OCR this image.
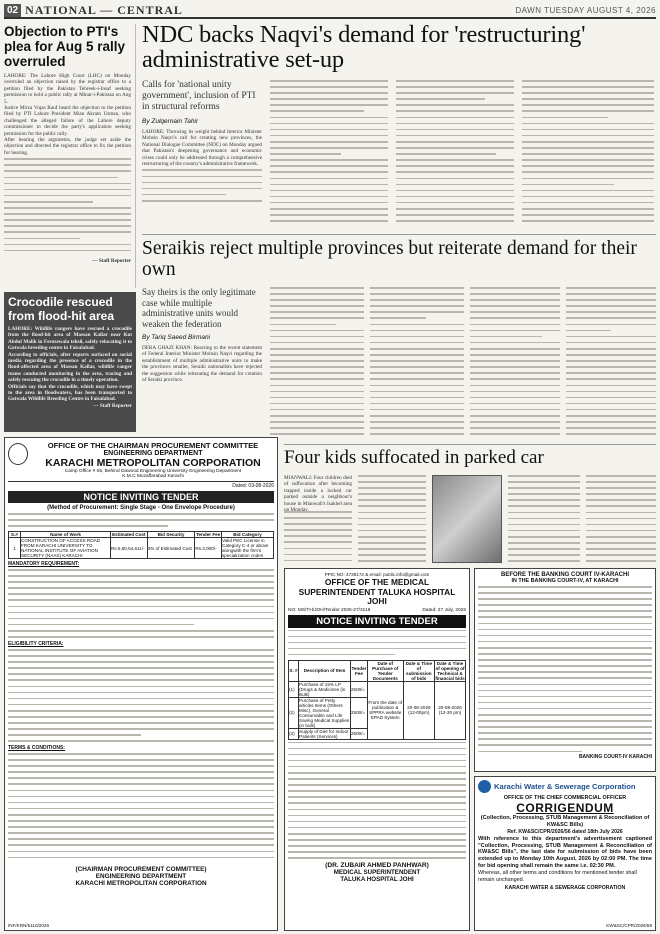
02 NATIONAL — CENTRAL	DAWN TUESDAY AUGUST 4, 2026
Objection to PTI's plea for Aug 5 rally overruled

LAHORE: The Lahore High Court (LHC) on Monday overruled an objection raised by the registrar office to a petition filed by the Pakistan Tehreek-i-Insaf seeking permission to hold a public rally at Minar-i-Pakistan on Aug 5.

Justice Mirza Viqas Rauf heard the objection to the petition filed by PTI Lahore President Mian Akram Usman, who challenged the alleged failure of the Lahore deputy commissioner to decide the party's application seeking permission for the public rally.

After hearing the arguments, the judge set aside the objection and directed the registrar office to fix the petition for hearing.

— Staff Reporter

Crocodile rescued from flood-hit area

LAHORE: Wildlife rangers have rescued a crocodile from the flood-hit area of Massan Kallar near Kot Abdul Malik in Ferozewala tehsil, safely relocating it to Gatwala breeding centre in Faisalabad.

According to officials, after reports surfaced on social media regarding the presence of a crocodile in the flood-affected area of Massan Kallar, wildlife ranger teams conducted monitoring in the area, tracing and safely rescuing the crocodile in a timely operation.

Officials say that the crocodile, which may have swept to the area in floodwaters, has been transported to Gatwala Wildlife Breeding Centre in Faisalabad.

— Staff Reporter

NDC backs Naqvi's demand for 'restructuring' administrative set-up

Calls for 'national unity government', inclusion of PTI in structural reforms

By Zulqernain Tahir

LAHORE: Throwing its weight behind Interior Minister Mohsin Naqvi's call for creating new provinces, the National Dialogue Committee (NDC) on Monday argued that Pakistan's deepening governance and economic crises could only be addressed through a comprehensive restructuring of the country's administrative framework.

Seraikis reject multiple provinces but reiterate demand for their own

Say theirs is the only legitimate case while multiple administrative units would weaken the federation

By Tariq Saeed Birmani

DERA GHAZI KHAN: Reacting to the recent statement of Federal Interior Minister Mohsin Naqvi regarding the establishment of multiple administrative units to make the provinces smaller, Seraiki nationalists have rejected the suggestion while reiterating the demand for creation of Seraiki province.

OFFICE OF THE CHAIRMAN PROCUREMENT COMMITTEE
ENGINEERING DEPARTMENT
KARACHI METROPOLITAN CORPORATION
Camp Office # 05, Behind Dawood Engineering University Engineering Department
K.M.C Muzaffarabad Karachi
Dated: 03-08-2026
NOTICE INVITING TENDER
(Method of Procurement: Single Stage - One Envelope Procedure)
S.#	Name of Work	Estimated Cost	Bid Security	Tender Fee	Bid Category
1	CONSTRUCTION OF ACCESS ROAD FROM KARACHI UNIVERSITY TO NATIONAL INSTITUTE OF AVIATION SECURITY (NAAS) KARACHI	Rs.9,60,54,611/-	3% of Estimated Cost	Rs.3,000/-	Valid PEC License in Category C-4 or above alongwith the firm's specialization codes
MANDATORY REQUIREMENT:
ELIGIBILITY CRITERIA:
TERMS & CONDITIONS:
(CHAIRMAN PROCUREMENT COMMITTEE)
ENGINEERING DEPARTMENT
KARACHI METROPOLITAN CORPORATION
INF/KRN/5110/2026
Four kids suffocated in parked car

MIANWALI: Four children died of suffocation after becoming trapped inside a locked car parked outside a neighbour's house in Mianwali's Isakhel area

PPIC NO: 4739172 & email: public.info@gmail.com
OFFICE OF THE MEDICAL SUPERINTENDENT TALUKA HOSPITAL JOHI
NO: MS/TH/JOH/Tender 2026-27/3119	Dated: 27 July, 2026
NOTICE INVITING TENDER
S. #	Description of Item	Tender Fee	Date of Purchase of Tender Documents	Date & Time of submission of bids	Date & Time of opening of Technical & financial bids
(1)	Purchase of 15% LP (Drugs & Medicines (in Bulk)	2500/=	From the date of publication & SPPRA website EPAD System	20-08-2026 (12-00pm)	20-08-2026 (12-30 pm)
(2)	Purchase of Petty articles Items (Others Misc), General Consumable and Life Saving Medical Supplies (in bulk)	2500/=			
(3)	Supply of Diet for Indoor Patients (Services)	2500/=			
(DR. ZUBAIR AHMED PANHWAR)
MEDICAL SUPERINTENDENT
TALUKA HOSPITAL JOHI
BEFORE THE BANKING COURT IV-KARACHI
IN THE BANKING COURT-IV, AT KARACHI
BANKING COURT-IV KARACHI
Karachi Water & Sewerage Corporation
OFFICE OF THE CHIEF COMMERCIAL OFFICER
CORRIGENDUM
(Collection, Processing, STUB Management & Reconciliation of KW&SC Bills)
Ref. KW&SC/CPR/2026/56 dated 18th July 2026

With reference to this department's advertisement captioned "Collection, Processing, STUB Management & Reconciliation of KW&SC Bills", the last date for submission of bids have been extended up to Monday 10th August, 2026 by 02:00 PM. The time for bid opening shall remain the same i.e. 02:30 PM.

Whereas, all other terms and conditions for mentioned tender shall remain unchanged.

KARACHI WATER & SEWERAGE CORPORATION
KW&SC/CPR/2026/58
